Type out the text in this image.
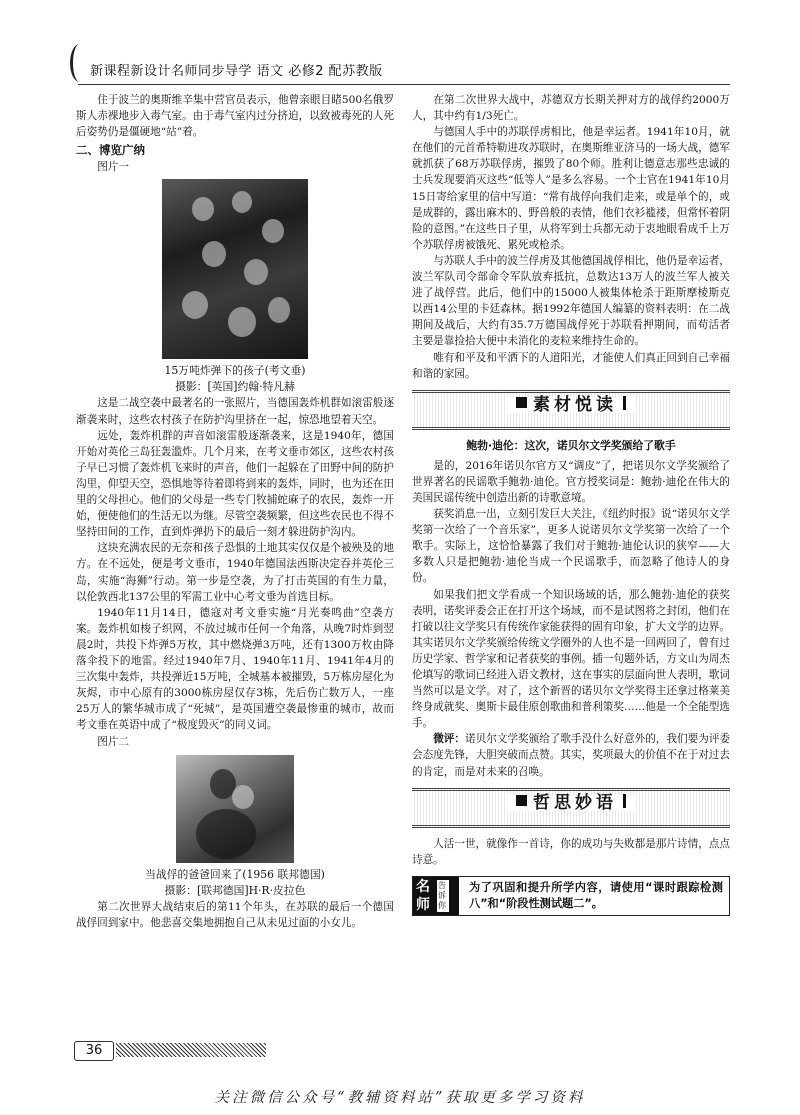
新课程新设计名师同步导学 语文 必修2 配苏教版

住于波兰的奥斯维辛集中营官员表示，他曾亲眼目睹500名俄罗斯人赤裸地步入毒气室。由于毒气室内过分挤迫，以致被毒死的人死后姿势仍是僵硬地“站”着。

二、博览广纳
图片一
15万吨炸弹下的孩子(考文垂)
摄影：[英国]约翰·特凡赫

这是二战空袭中最著名的一张照片，当德国轰炸机群如滚雷般逐渐袭来时，这些农村孩子在防护沟里挤在一起，惊恐地望着天空。

远处，轰炸机群的声音如滚雷般逐渐袭来，这是1940年，德国开始对英伦三岛狂轰滥炸。几个月来，在考文垂市郊区，这些农村孩子早已习惯了轰炸机飞来时的声音，他们一起躲在了田野中间的防护沟里，仰望天空，恐惧地等待着即将到来的轰炸，同时，也为还在田里的父母担心。他们的父母是一些专门牧捕蛇麻子的农民，轰炸一开始，便使他们的生活无以为继。尽管空袭频繁，但这些农民也不得不坚持田间的工作，直到炸弹扔下的最后一刻才躲进防护沟内。

这块充满农民的无奈和孩子恐惧的土地其实仅仅是个被殃及的地方。在不远处，便是考文垂市，1940年德国法西斯决定吞并英伦三岛，实施“海狮”行动。第一步是空袭，为了打击英国的有生力量，以伦敦西北137公里的军需工业中心考文垂为首选目标。

1940年11月14日，德寇对考文垂实施“月光奏鸣曲”空袭方案。轰炸机如梭子织网，不放过城市任何一个角落，从晚7时炸到翌晨2时，共投下炸弹5万枚，其中燃烧弹3万吨，还有1300万枚由降落伞投下的地雷。经过1940年7月、1940年11月、1941年4月的三次集中轰炸，共投弹近15万吨，全城基本被摧毁，5万栋房屋化为灰烬，市中心原有的3000栋房屋仅存3栋，先后伤亡数万人，一座25万人的繁华城市成了“死城”，是英国遭空袭最惨重的城市，故而考文垂在英语中成了“极度毁灭”的同义词。

图片二
当战俘的爸爸回来了(1956 联邦德国)
摄影：[联邦德国]H·R·皮拉色

第二次世界大战结束后的第11个年头，在苏联的最后一个德国战俘回到家中。他悲喜交集地拥抱自己从未见过面的小女儿。

在第二次世界大战中，苏德双方长期关押对方的战俘约2000万人，其中约有1/3死亡。

与德国人手中的苏联俘虏相比，他是幸运者。1941年10月，就在他们的元首希特勒进攻苏联时，在奥斯维亚济马的一场大战，德军就抓获了68万苏联俘虏，摧毁了80个师。胜利让德意志那些忠诚的士兵发现要消灭这些“低等人”是多么容易。一个士官在1941年10月15日寄给家里的信中写道：“常有战俘向我们走来，或是单个的，或是成群的，露出麻木的、野兽般的表情，他们衣衫褴褛，但常怀着阴险的意图。”在这些日子里，从将军到士兵都无动于衷地眼看成千上万个苏联俘虏被饿死、累死或枪杀。

与苏联人手中的波兰俘虏及其他德国战俘相比，他仍是幸运者，波兰军队司令部命令军队放弃抵抗，总数达13万人的波兰军人被关进了战俘营。此后，他们中的15000人被集体枪杀于距斯摩棱斯克以西14公里的卡廷森林。据1992年德国人编纂的资料表明：在二战期间及战后，大约有35.7万德国战俘死于苏联看押期间，而苟活者主要是靠捡拾大便中未消化的麦粒来维持生命的。

唯有和平及和平洒下的人道阳光，才能使人们真正回到自己幸福和谐的家园。

素材悦读
鲍勃·迪伦：这次，诺贝尔文学奖颁给了歌手

是的，2016年诺贝尔官方又“调皮”了，把诺贝尔文学奖颁给了世界著名的民谣歌手鲍勃·迪伦。官方授奖词是：鲍勃·迪伦在伟大的美国民谣传统中创造出新的诗歌意境。

获奖消息一出，立刻引发巨大关注，《纽约时报》说“诺贝尔文学奖第一次给了一个音乐家”，更多人说诺贝尔文学奖第一次给了一个歌手。实际上，这恰恰暴露了我们对于鲍勃·迪伦认识的狭窄——大多数人只是把鲍勃·迪伦当成一个民谣歌手，而忽略了他诗人的身份。

如果我们把文学看成一个知识场域的话，那么鲍勃·迪伦的获奖表明，诺奖评委会正在打开这个场域，而不是试图将之封闭，他们在打破以往文学奖只有传统作家能获得的固有印象，扩大文学的边界。其实诺贝尔文学奖颁给传统文学圈外的人也不是一回两回了，曾有过历史学家、哲学家和记者获奖的事例。插一句题外话，方文山为周杰伦填写的歌词已经进入语文教材，这在事实的层面向世人表明，歌词当然可以是文学。对了，这个新晋的诺贝尔文学奖得主还拿过格莱美终身成就奖、奥斯卡最佳原创歌曲和普利策奖……他是一个全能型选手。

微评：诺贝尔文学奖颁给了歌手没什么好意外的，我们要为评委会态度先锋，大胆突破而点赞。其实，奖项最大的价值不在于对过去的肯定，而是对未来的召唤。

哲思妙语

人活一世，就像作一首诗，你的成功与失败都是那片诗情，点点诗意。

名师
告诉你
为了巩固和提升所学内容，请使用“课时跟踪检测八”和“阶段性测试题二”。
36
关注微信公众号“教辅资料站”获取更多学习资料
